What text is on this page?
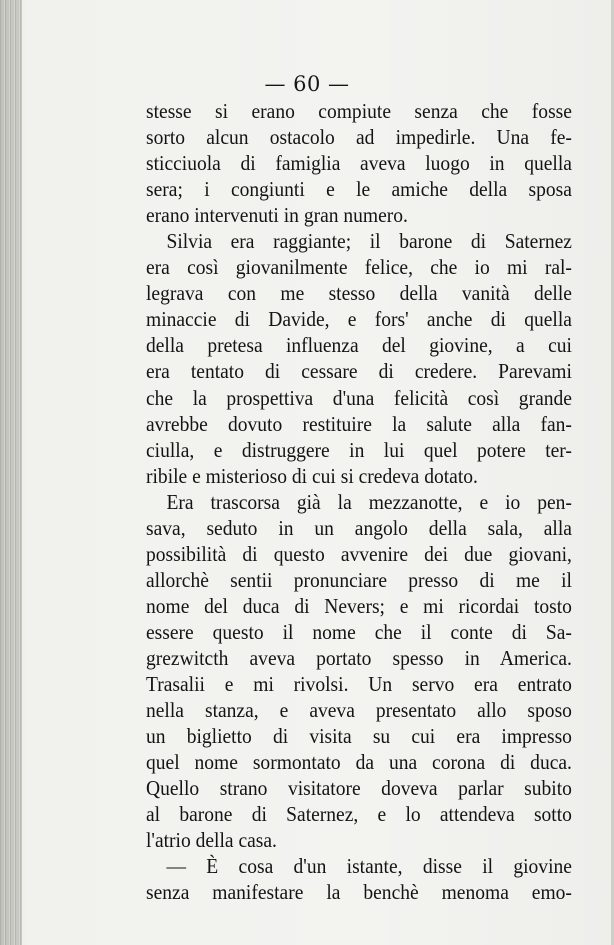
— 60 —
stesse si erano compiute senza che fosse
sorto alcun ostacolo ad impedirle. Una fe-
sticciuola di famiglia aveva luogo in quella
sera; i congiunti e le amiche della sposa
erano intervenuti in gran numero.
Silvia era raggiante; il barone di Saternez
era così giovanilmente felice, che io mi ral-
legrava con me stesso della vanità delle
minaccie di Davide, e fors' anche di quella
della pretesa influenza del giovine, a cui
era tentato di cessare di credere. Parevami
che la prospettiva d'una felicità così grande
avrebbe dovuto restituire la salute alla fan-
ciulla, e distruggere in lui quel potere ter-
ribile e misterioso di cui si credeva dotato.
Era trascorsa già la mezzanotte, e io pen-
sava, seduto in un angolo della sala, alla
possibilità di questo avvenire dei due giovani,
allorchè sentii pronunciare presso di me il
nome del duca di Nevers; e mi ricordai tosto
essere questo il nome che il conte di Sa-
grezwitcth aveva portato spesso in America.
Trasalii e mi rivolsi. Un servo era entrato
nella stanza, e aveva presentato allo sposo
un biglietto di visita su cui era impresso
quel nome sormontato da una corona di duca.
Quello strano visitatore doveva parlar subito
al barone di Saternez, e lo attendeva sotto
l'atrio della casa.
— È cosa d'un istante, disse il giovine
senza manifestare la benchè menoma emo-
